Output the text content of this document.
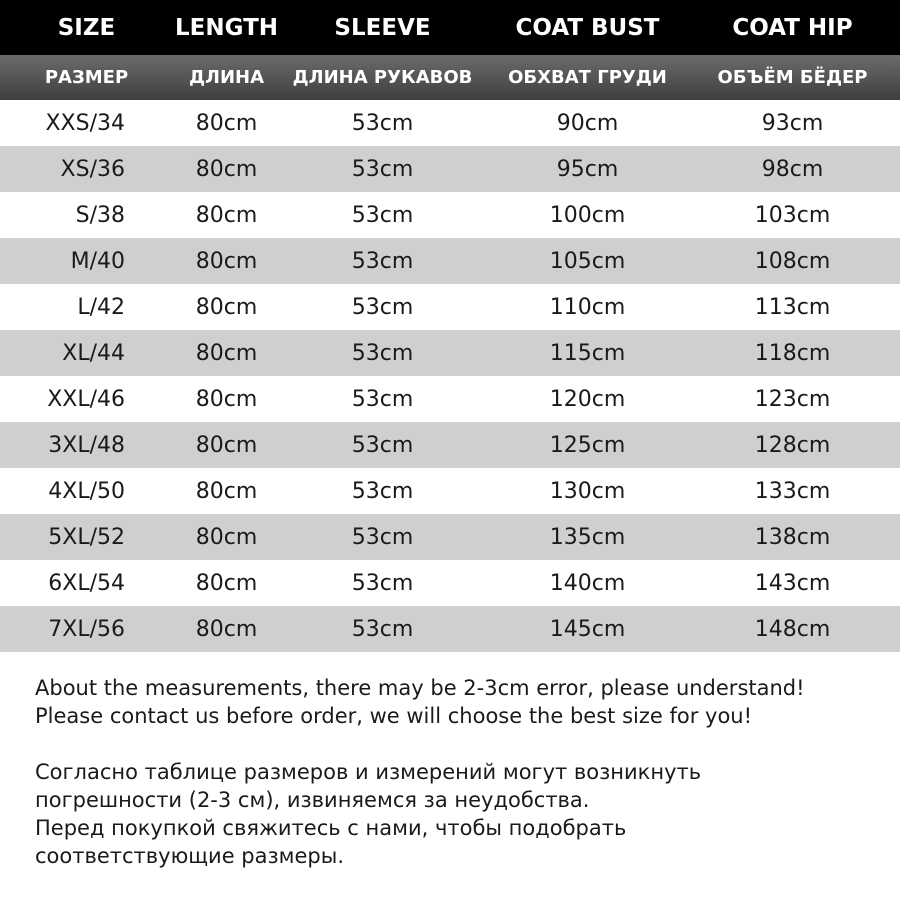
SIZE	LENGTH	SLEEVE	COAT BUST	COAT HIP
РАЗМЕР	ДЛИНА	ДЛИНА РУКАВОВ	ОБХВАТ ГРУДИ	ОБЪЁМ БЁДЕР
XXS/34	80cm	53cm	90cm	93cm
XS/36	80cm	53cm	95cm	98cm
S/38	80cm	53cm	100cm	103cm
M/40	80cm	53cm	105cm	108cm
L/42	80cm	53cm	110cm	113cm
XL/44	80cm	53cm	115cm	118cm
XXL/46	80cm	53cm	120cm	123cm
3XL/48	80cm	53cm	125cm	128cm
4XL/50	80cm	53cm	130cm	133cm
5XL/52	80cm	53cm	135cm	138cm
6XL/54	80cm	53cm	140cm	143cm
7XL/56	80cm	53cm	145cm	148cm

About the measurements, there may be 2-3cm error, please understand!

Please contact us before order, we will choose the best size for you!

Согласно таблице размеров и измерений могут возникнуть

погрешности (2-3 см), извиняемся за неудобства.

Перед покупкой свяжитесь с нами, чтобы подобрать

соответствующие размеры.
